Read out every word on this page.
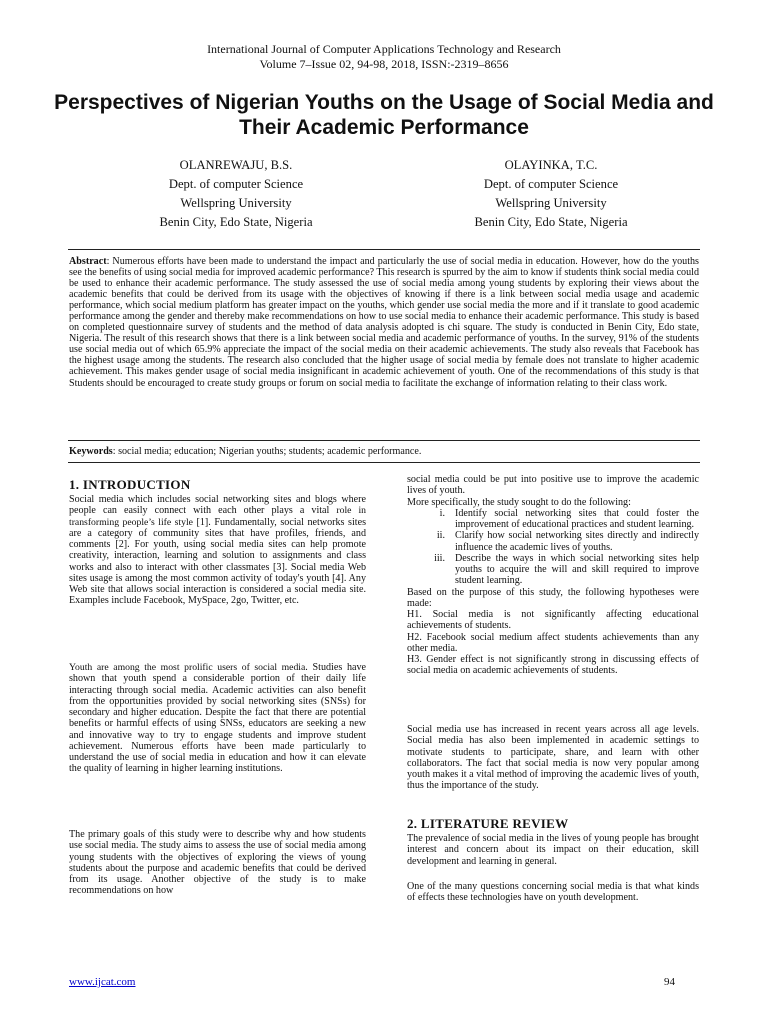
International Journal of Computer Applications Technology and Research
Volume 7–Issue 02, 94-98, 2018, ISSN:-2319–8656
Perspectives of Nigerian Youths on the Usage of Social Media and Their Academic Performance
OLANREWAJU, B.S.
Dept. of computer Science
Wellspring University
Benin City, Edo State, Nigeria
OLAYINKA, T.C.
Dept. of computer Science
Wellspring University
Benin City, Edo State, Nigeria
Abstract: Numerous efforts have been made to understand the impact and particularly the use of social media in education. However, how do the youths see the benefits of using social media for improved academic performance? This research is spurred by the aim to know if students think social media could be used to enhance their academic performance. The study assessed the use of social media among young students by exploring their views about the academic benefits that could be derived from its usage with the objectives of knowing if there is a link between social media usage and academic performance, which social medium platform has greater impact on the youths, which gender use social media the more and if it translate to good academic performance among the gender and thereby make recommendations on how to use social media to enhance their academic performance. This study is based on completed questionnaire survey of students and the method of data analysis adopted is chi square. The study is conducted in Benin City, Edo state, Nigeria. The result of this research shows that there is a link between social media and academic performance of youths. In the survey, 91% of the students use social media out of which 65.9% appreciate the impact of the social media on their academic achievements. The study also reveals that Facebook has the highest usage among the students. The research also concluded that the higher usage of social media by female does not translate to higher academic achievement. This makes gender usage of social media insignificant in academic achievement of youth. One of the recommendations of this study is that Students should be encouraged to create study groups or forum on social media to facilitate the exchange of information relating to their class work.
Keywords: social media; education; Nigerian youths; students; academic performance.
1. INTRODUCTION
Social media which includes social networking sites and blogs where people can easily connect with each other plays a vital role in transforming people’s life style [1]. Fundamentally, social networks sites are a category of community sites that have profiles, friends, and comments [2]. For youth, using social media sites can help promote creativity, interaction, learning and solution to assignments and class works and also to interact with other classmates [3]. Social media Web sites usage is among the most common activity of today's youth [4]. Any Web site that allows social interaction is considered a social media site. Examples include Facebook, MySpace, 2go, Twitter, etc.
Youth are among the most prolific users of social media. Studies have shown that youth spend a considerable portion of their daily life interacting through social media. Academic activities can also benefit from the opportunities provided by social networking sites (SNSs) for secondary and higher education. Despite the fact that there are potential benefits or harmful effects of using SNSs, educators are seeking a new and innovative way to try to engage students and improve student achievement. Numerous efforts have been made particularly to understand the use of social media in education and how it can elevate the quality of learning in higher learning institutions.
The primary goals of this study were to describe why and how students use social media. The study aims to assess the use of social media among young students with the objectives of exploring the views of young students about the purpose and academic benefits that could be derived from its usage. Another objective of the study is to make recommendations on how

social media could be put into positive use to improve the academic lives of youth.

More specifically, the study sought to do the following:

i. Identify social networking sites that could foster the improvement of educational practices and student learning.
ii. Clarify how social networking sites directly and indirectly influence the academic lives of youths.
iii. Describe the ways in which social networking sites help youths to acquire the will and skill required to improve student learning.

Based on the purpose of this study, the following hypotheses were made:

H1. Social media is not significantly affecting educational achievements of students.

H2. Facebook social medium affect students achievements than any other media.

H3. Gender effect is not significantly strong in discussing effects of social media on academic achievements of students.

Social media use has increased in recent years across all age levels. Social media has also been implemented in academic settings to motivate students to participate, share, and learn with other collaborators. The fact that social media is now very popular among youth makes it a vital method of improving the academic lives of youth, thus the importance of the study.
2. LITERATURE REVIEW
The prevalence of social media in the lives of young people has brought interest and concern about its impact on their education, skill development and learning in general.
One of the many questions concerning social media is that what kinds of effects these technologies have on youth development.
www.ijcat.com	94
